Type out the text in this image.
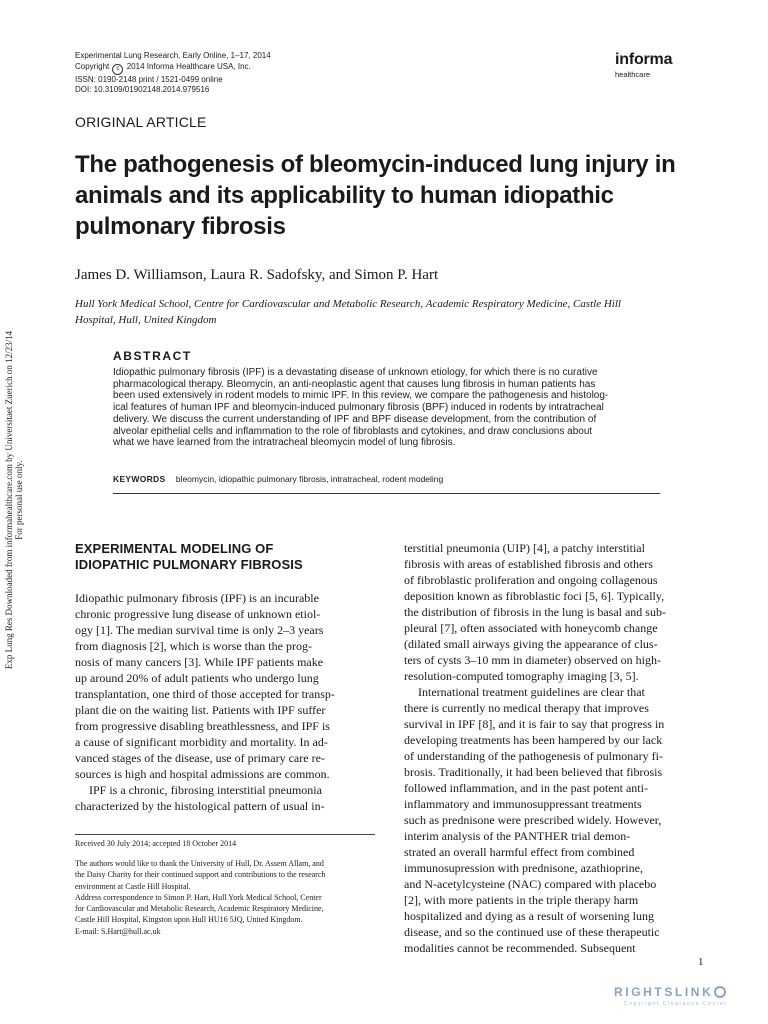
Experimental Lung Research, Early Online, 1–17, 2014
Copyright c 2014 Informa Healthcare USA, Inc.
ISSN: 0190-2148 print / 1521-0499 online
DOI: 10.3109/01902148.2014.979516
informa
healthcare
ORIGINAL ARTICLE
The pathogenesis of bleomycin-induced lung injury in
animals and its applicability to human idiopathic
pulmonary fibrosis
James D. Williamson, Laura R. Sadofsky, and Simon P. Hart
Hull York Medical School, Centre for Cardiovascular and Metabolic Research, Academic Respiratory Medicine, Castle Hill
Hospital, Hull, United Kingdom
ABSTRACT
Idiopathic pulmonary fibrosis (IPF) is a devastating disease of unknown etiology, for which there is no curative
pharmacological therapy. Bleomycin, an anti-neoplastic agent that causes lung fibrosis in human patients has
been used extensively in rodent models to mimic IPF. In this review, we compare the pathogenesis and histolog-
ical features of human IPF and bleomycin-induced pulmonary fibrosis (BPF) induced in rodents by intratracheal
delivery. We discuss the current understanding of IPF and BPF disease development, from the contribution of
alveolar epithelial cells and inflammation to the role of fibroblasts and cytokines, and draw conclusions about
what we have learned from the intratracheal bleomycin model of lung fibrosis.
KEYWORDS bleomycin, idiopathic pulmonary fibrosis, intratracheal, rodent modeling
EXPERIMENTAL MODELING OF
IDIOPATHIC PULMONARY FIBROSIS
Idiopathic pulmonary fibrosis (IPF) is an incurable
chronic progressive lung disease of unknown etiol-
ogy [1]. The median survival time is only 2–3 years
from diagnosis [2], which is worse than the prog-
nosis of many cancers [3]. While IPF patients make
up around 20% of adult patients who undergo lung
transplantation, one third of those accepted for transp-
plant die on the waiting list. Patients with IPF suffer
from progressive disabling breathlessness, and IPF is
a cause of significant morbidity and mortality. In ad-
vanced stages of the disease, use of primary care re-
sources is high and hospital admissions are common.
IPF is a chronic, fibrosing interstitial pneumonia
characterized by the histological pattern of usual in-
terstitial pneumonia (UIP) [4], a patchy interstitial
fibrosis with areas of established fibrosis and others
of fibroblastic proliferation and ongoing collagenous
deposition known as fibroblastic foci [5, 6]. Typically,
the distribution of fibrosis in the lung is basal and sub-
pleural [7], often associated with honeycomb change
(dilated small airways giving the appearance of clus-
ters of cysts 3–10 mm in diameter) observed on high-
resolution-computed tomography imaging [3, 5].
International treatment guidelines are clear that
there is currently no medical therapy that improves
survival in IPF [8], and it is fair to say that progress in
developing treatments has been hampered by our lack
of understanding of the pathogenesis of pulmonary fi-
brosis. Traditionally, it had been believed that fibrosis
followed inflammation, and in the past potent anti-
inflammatory and immunosuppressant treatments
such as prednisone were prescribed widely. However,
interim analysis of the PANTHER trial demon-
strated an overall harmful effect from combined
immunosupression with prednisone, azathioprine,
and N-acetylcysteine (NAC) compared with placebo
[2], with more patients in the triple therapy harm
hospitalized and dying as a result of worsening lung
disease, and so the continued use of these therapeutic
modalities cannot be recommended. Subsequent
Received 30 July 2014; accepted 18 October 2014
The authors would like to thank the University of Hull, Dr. Assem Allam, and
the Daisy Charity for their continued support and contributions to the research
environment at Castle Hill Hospital.
Address correspondence to Simon P. Hart, Hull York Medical School, Center
for Cardiovascular and Metabolic Research, Academic Respiratory Medicine,
Castle Hill Hospital, Kingston upon Hull HU16 5JQ, United Kingdom.
E-mail: S.Hart@hull.ac.uk
Exp Lung Res Downloaded from informahealthcare.com by Universitaet Zuerich on 12/23/14 For personal use only.
1
RIGHTSLINK
Copyright Clearance Center
